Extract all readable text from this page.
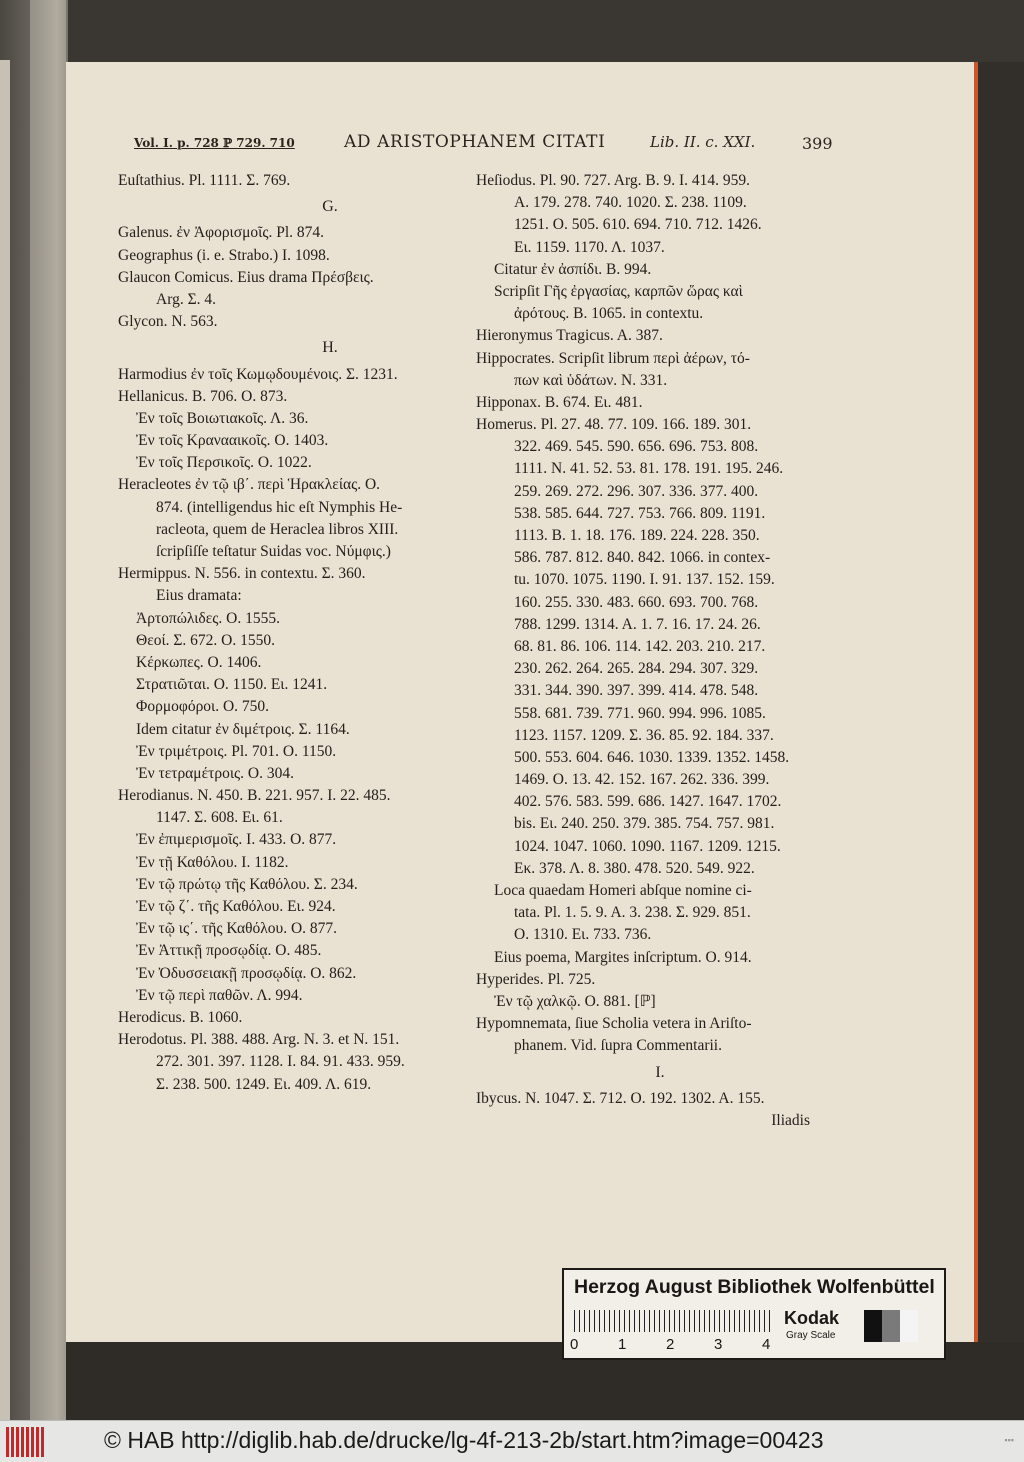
Vol. I. p. 728 ℙ 729. 710	AD ARISTOPHANEM CITATI	Lib. II. c. XXI.	399
Euſtathius. Pl. 1111. Σ. 769.
G.
Galenus. ἐν Ἀφορισμοῖς. Pl. 874.
Geographus (i. e. Strabo.) I. 1098.
Glaucon Comicus. Eius drama Πρέσβεις.
Arg. Σ. 4.
Glycon. N. 563.
H.
Harmodius ἐν τοῖς Κωμῳδουμένοις. Σ. 1231.
Hellanicus. B. 706. O. 873.
Ἐν τοῖς Βοιωτιακοῖς. Λ. 36.
Ἐν τοῖς Κρανααικοῖς. O. 1403.
Ἐν τοῖς Περσικοῖς. O. 1022.
Heracleotes ἐν τῷ ιβ΄. περὶ Ἡρακλείας. O.
874. (intelligendus hic eſt Nymphis He-
racleota, quem de Heraclea libros XIII.
ſcripſiſſe teſtatur Suidas voc. Νύμφις.)
Hermippus. N. 556. in contextu. Σ. 360.
Eius dramata:
Ἀρτοπώλιδες. O. 1555.
Θεοί. Σ. 672. O. 1550.
Κέρκωπες. O. 1406.
Στρατιῶται. O. 1150. Ει. 1241.
Φορμοφόροι. O. 750.
Idem citatur ἐν διμέτροις. Σ. 1164.
Ἐν τριμέτροις. Pl. 701. O. 1150.
Ἐν τετραμέτροις. O. 304.
Herodianus. N. 450. B. 221. 957. I. 22. 485.
1147. Σ. 608. Ει. 61.
Ἐν ἐπιμερισμοῖς. I. 433. O. 877.
Ἐν τῇ Καθόλου. I. 1182.
Ἐν τῷ πρώτῳ τῆς Καθόλου. Σ. 234.
Ἐν τῷ ζ΄. τῆς Καθόλου. Ει. 924.
Ἐν τῷ ις΄. τῆς Καθόλου. O. 877.
Ἐν Ἀττικῇ προσῳδίᾳ. O. 485.
Ἐν Ὀδυσσειακῇ προσῳδίᾳ. O. 862.
Ἐν τῷ περὶ παθῶν. Λ. 994.
Herodicus. B. 1060.
Herodotus. Pl. 388. 488. Arg. N. 3. et N. 151.
272. 301. 397. 1128. I. 84. 91. 433. 959.
Σ. 238. 500. 1249. Ει. 409. Λ. 619.
Heſiodus. Pl. 90. 727. Arg. B. 9. I. 414. 959.
A. 179. 278. 740. 1020. Σ. 238. 1109.
1251. O. 505. 610. 694. 710. 712. 1426.
Ει. 1159. 1170. Λ. 1037.
Citatur ἐν ἀσπίδι. B. 994.
Scripſit Γῆς ἐργασίας, καρπῶν ὥρας καὶ
ἀρότους. B. 1065. in contextu.
Hieronymus Tragicus. A. 387.
Hippocrates. Scripſit librum περὶ ἀέρων, τό-
πων καὶ ὑδάτων. N. 331.
Hipponax. B. 674. Ει. 481.
Homerus. Pl. 27. 48. 77. 109. 166. 189. 301.
322. 469. 545. 590. 656. 696. 753. 808.
1111. N. 41. 52. 53. 81. 178. 191. 195. 246.
259. 269. 272. 296. 307. 336. 377. 400.
538. 585. 644. 727. 753. 766. 809. 1191.
1113. B. 1. 18. 176. 189. 224. 228. 350.
586. 787. 812. 840. 842. 1066. in contex-
tu. 1070. 1075. 1190. I. 91. 137. 152. 159.
160. 255. 330. 483. 660. 693. 700. 768.
788. 1299. 1314. A. 1. 7. 16. 17. 24. 26.
68. 81. 86. 106. 114. 142. 203. 210. 217.
230. 262. 264. 265. 284. 294. 307. 329.
331. 344. 390. 397. 399. 414. 478. 548.
558. 681. 739. 771. 960. 994. 996. 1085.
1123. 1157. 1209. Σ. 36. 85. 92. 184. 337.
500. 553. 604. 646. 1030. 1339. 1352. 1458.
1469. O. 13. 42. 152. 167. 262. 336. 399.
402. 576. 583. 599. 686. 1427. 1647. 1702.
bis. Ει. 240. 250. 379. 385. 754. 757. 981.
1024. 1047. 1060. 1090. 1167. 1209. 1215.
Εκ. 378. Λ. 8. 380. 478. 520. 549. 922.
Loca quaedam Homeri abſque nomine ci-
tata. Pl. 1. 5. 9. A. 3. 238. Σ. 929. 851.
O. 1310. Ει. 733. 736.
Eius poema, Margites inſcriptum. O. 914.
Hyperides. Pl. 725.
Ἐν τῷ χαλκῷ. O. 881. [ℙ]
Hypomnemata, ſiue Scholia vetera in Ariſto-
phanem. Vid. ſupra Commentarii.
I.
Ibycus. N. 1047. Σ. 712. O. 192. 1302. A. 155.
Iliadis
Herzog August Bibliothek Wolfenbüttel
0	1	2	3	4
Kodak
Gray Scale
© HAB http://diglib.hab.de/drucke/lg-4f-213-2b/start.htm?image=00423	▪▪▪
